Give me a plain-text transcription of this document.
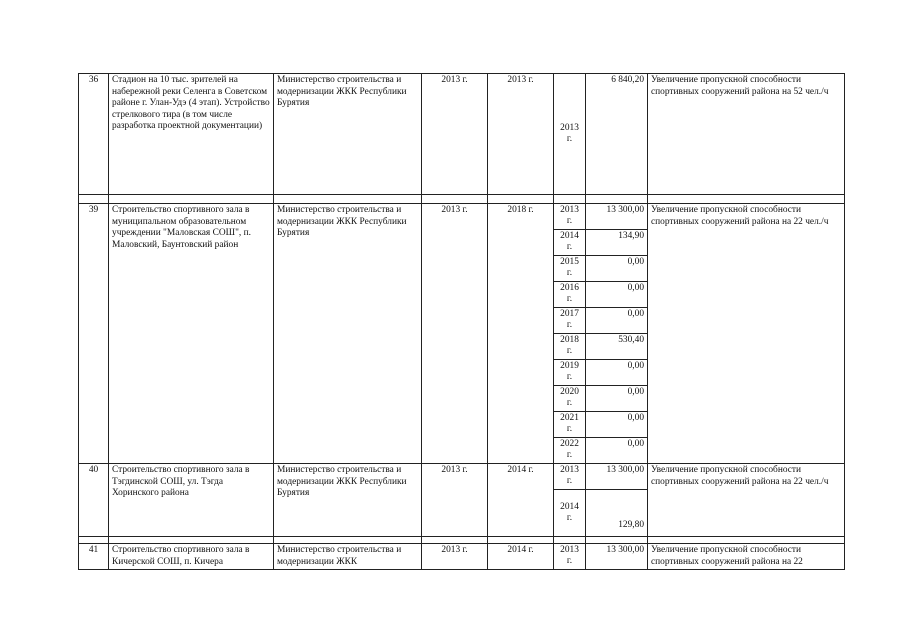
36	Стадион на 10 тыс. зрителей на набережной реки Селенга в Советском районе г. Улан-Удэ (4 этап). Устройство стрелкового тира (в том числе разработка проектной документации)	Министерство строительства и модернизации ЖКК Республики Бурятия	2013 г.	2013 г.	2013 г.	6 840,20	Увеличение пропускной способности спортивных сооружений района на 52 чел./ч

39	Строительство спортивного зала в муниципальном образовательном учреждении "Маловская СОШ", п. Маловский, Баунтовский район	Министерство строительства и модернизации ЖКК Республики Бурятия	2013 г.	2018 г.	2013 г.	13 300,00	Увеличение пропускной способности спортивных сооружений района на 22 чел./ч
					2014 г.	134,90	
					2015 г.	0,00	
					2016 г.	0,00	
					2017 г.	0,00	
					2018 г.	530,40	
					2019 г.	0,00	
					2020 г.	0,00	
					2021 г.	0,00	
					2022 г.	0,00	
40	Строительство спортивного зала в Тэгдинской СОШ, ул. Тэгда Хоринского района	Министерство строительства и модернизации ЖКК Республики Бурятия	2013 г.	2014 г.	2013 г.	13 300,00	Увеличение пропускной способности спортивных сооружений района на 22 чел./ч
					2014 г.	129,80	

41	Строительство спортивного зала в Кичерской СОШ, п. Кичера	Министерство строительства и модернизации ЖКК	2013 г.	2014 г.	2013 г.	13 300,00	Увеличение пропускной способности спортивных сооружений района на 22
